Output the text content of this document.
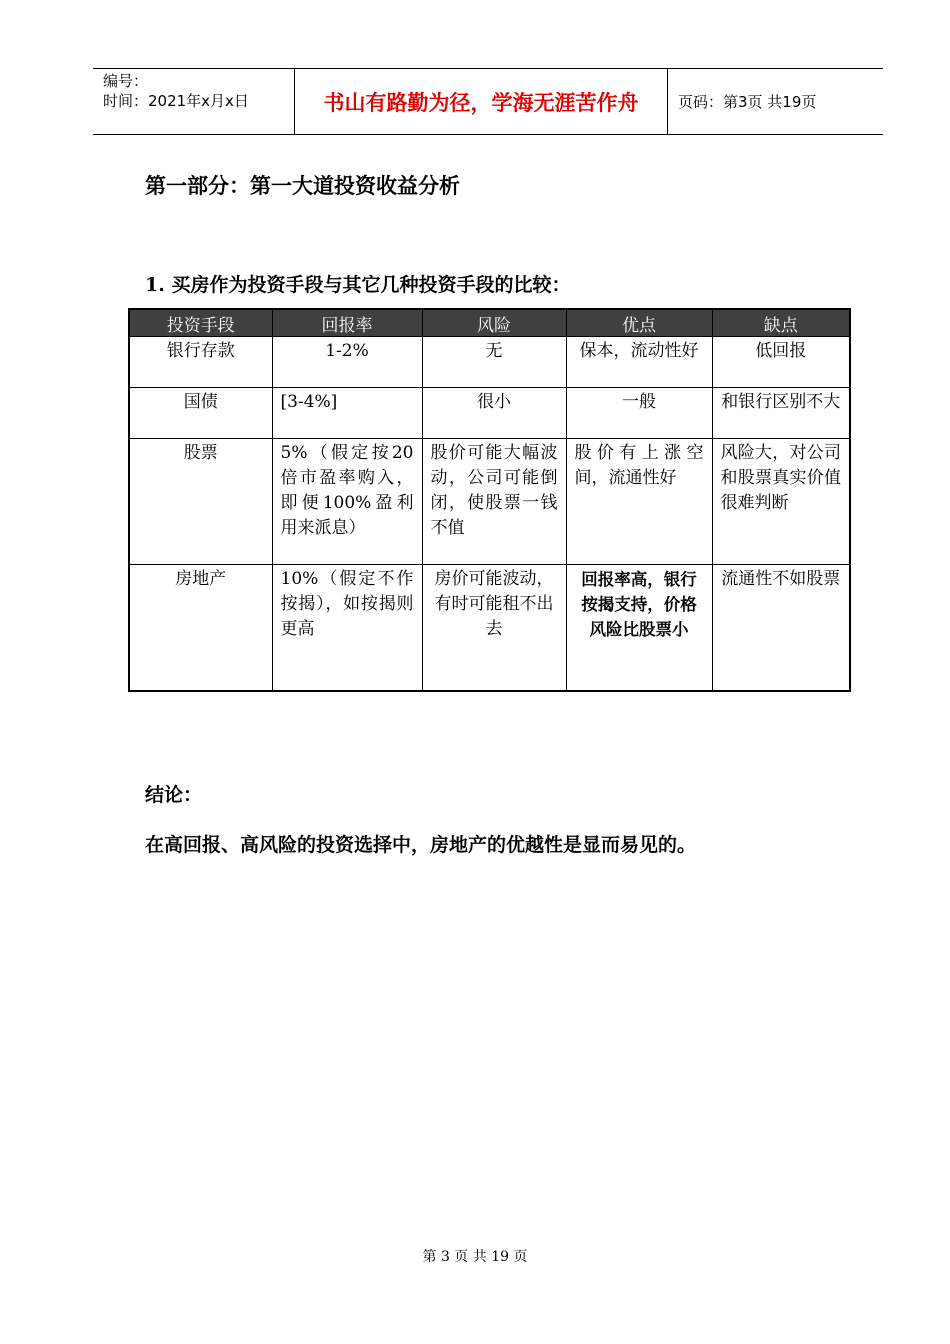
编号：
时间：2021年x月x日	书山有路勤为径，学海无涯苦作舟	页码：第3页 共19页
第一部分：第一大道投资收益分析
1. 买房作为投资手段与其它几种投资手段的比较：
投资手段	回报率	风险	优点	缺点
银行存款	1-2%	无	保本，流动性好	低回报
国债	[3-4%]	很小	一般	和银行区别不大
股票	5%（假定按20倍市盈率购入，即便100%盈利用来派息）	股价可能大幅波动，公司可能倒闭，使股票一钱不值	股价有上涨空间，流通性好	风险大，对公司和股票真实价值很难判断
房地产	10%（假定不作按揭），如按揭则更高	房价可能波动，有时可能租不出去	回报率高，银行按揭支持，价格风险比股票小	流通性不如股票
结论：
在高回报、高风险的投资选择中，房地产的优越性是显而易见的。
第 3 页 共 19 页
